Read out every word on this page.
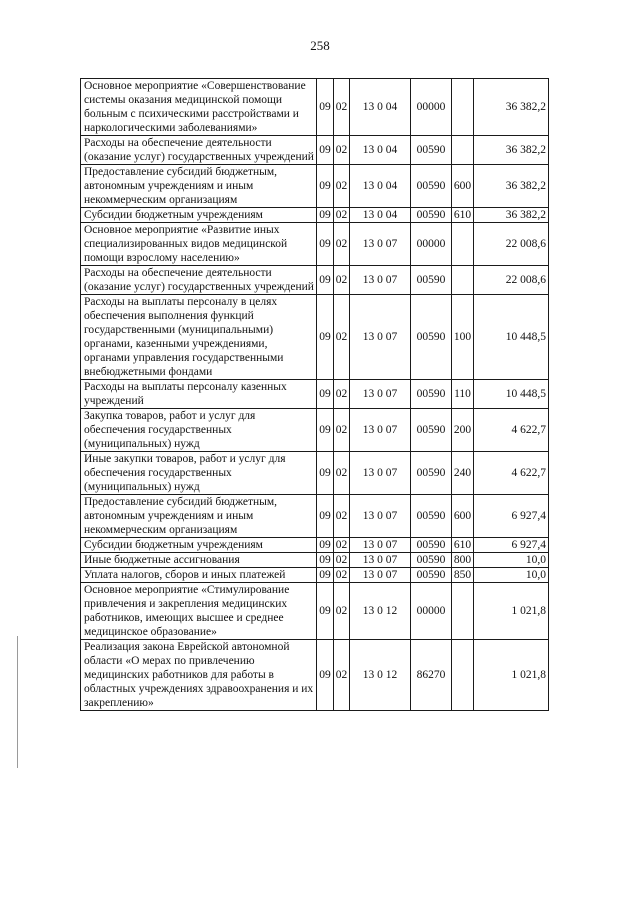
258
Основное мероприятие «Совершенствование системы оказания медицинской помощи больным с психическими расстройствами и наркологическими заболеваниями»	09	02	13 0 04	00000		36 382,2
Расходы на обеспечение деятельности (оказание услуг) государственных учреждений	09	02	13 0 04	00590		36 382,2
Предоставление субсидий бюджетным, автономным учреждениям и иным некоммерческим организациям	09	02	13 0 04	00590	600	36 382,2
Субсидии бюджетным учреждениям	09	02	13 0 04	00590	610	36 382,2
Основное мероприятие «Развитие иных специализированных видов медицинской помощи взрослому населению»	09	02	13 0 07	00000		22 008,6
Расходы на обеспечение деятельности (оказание услуг) государственных учреждений	09	02	13 0 07	00590		22 008,6
Расходы на выплаты персоналу в целях обеспечения выполнения функций государственными (муниципальными) органами, казенными учреждениями, органами управления государственными внебюджетными фондами	09	02	13 0 07	00590	100	10 448,5
Расходы на выплаты персоналу казенных учреждений	09	02	13 0 07	00590	110	10 448,5
Закупка товаров, работ и услуг для обеспечения государственных (муниципальных) нужд	09	02	13 0 07	00590	200	4 622,7
Иные закупки товаров, работ и услуг для обеспечения государственных (муниципальных) нужд	09	02	13 0 07	00590	240	4 622,7
Предоставление субсидий бюджетным, автономным учреждениям и иным некоммерческим организациям	09	02	13 0 07	00590	600	6 927,4
Субсидии бюджетным учреждениям	09	02	13 0 07	00590	610	6 927,4
Иные бюджетные ассигнования	09	02	13 0 07	00590	800	10,0
Уплата налогов, сборов и иных платежей	09	02	13 0 07	00590	850	10,0
Основное мероприятие «Стимулирование привлечения и закрепления медицинских работников, имеющих высшее и среднее медицинское образование»	09	02	13 0 12	00000		1 021,8
Реализация закона Еврейской автономной области «О мерах по привлечению медицинских работников для работы в областных учреждениях здравоохранения и их закреплению»	09	02	13 0 12	86270		1 021,8
